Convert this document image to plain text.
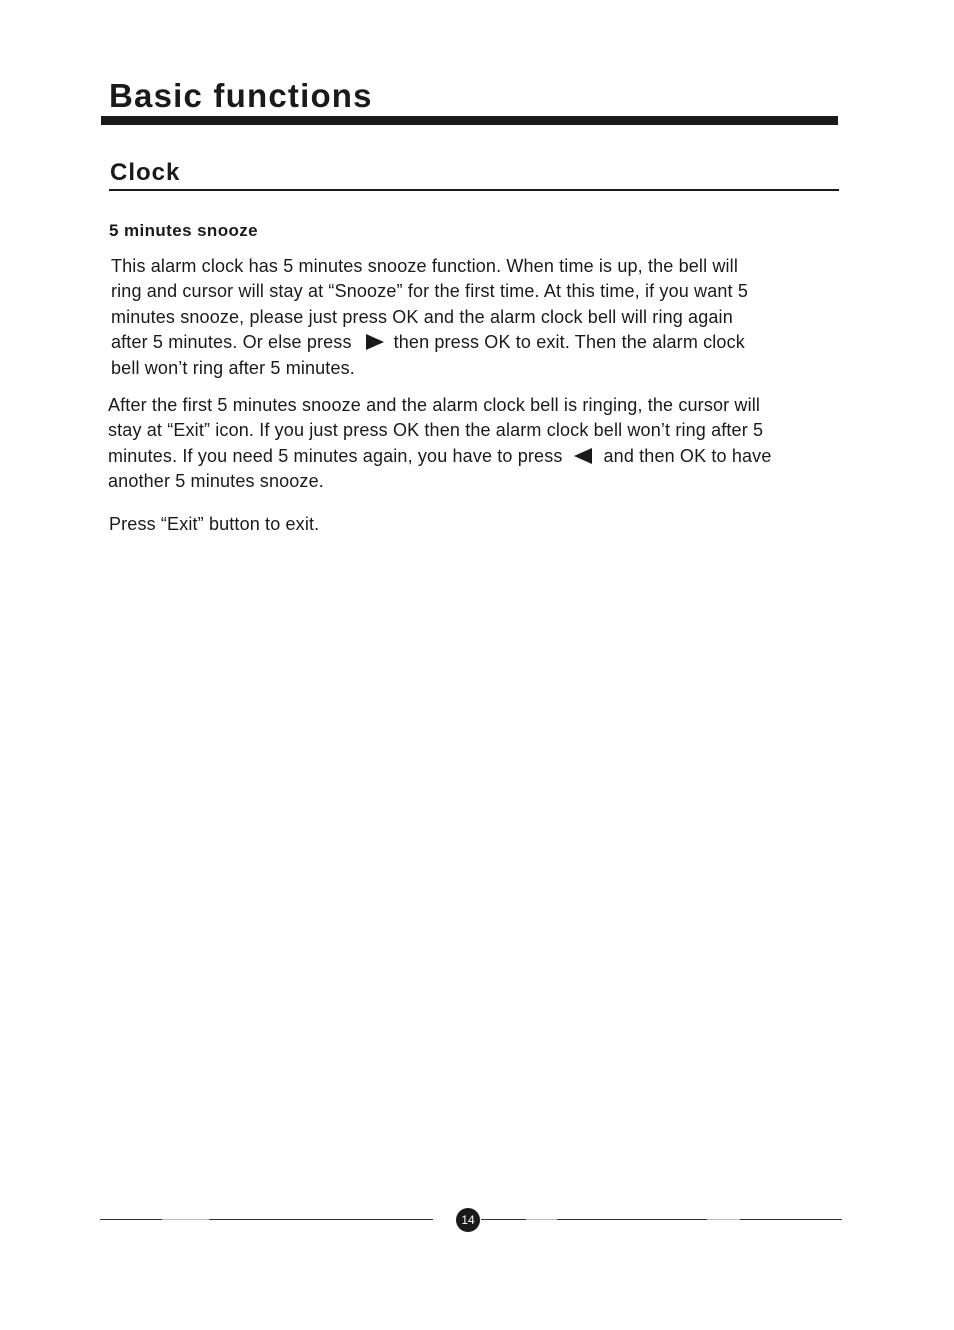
Basic functions
Clock
5 minutes snooze
This alarm clock has 5 minutes snooze function. When time is up, the bell will
ring and cursor will stay at “Snooze” for the first time. At this time, if you want 5
minutes snooze, please just press OK and the alarm clock bell will ring again
after 5 minutes. Or else press then press OK to exit. Then the alarm clock
bell won’t ring after 5 minutes.
After the first 5 minutes snooze and the alarm clock bell is ringing, the cursor will
stay at “Exit” icon. If you just press OK then the alarm clock bell won’t ring after 5
minutes. If you need 5 minutes again, you have to press and then OK to have
another 5 minutes snooze.
Press “Exit” button to exit.
14
